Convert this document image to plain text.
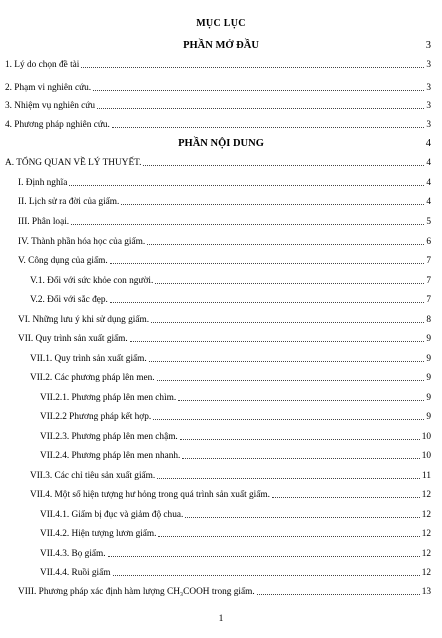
MỤC LỤC
PHẦN MỞ ĐẦU	3
1. Lý do chọn đề tài	3
2. Phạm vi nghiên cứu.	3
3. Nhiệm vụ nghiên cứu	3
4. Phương pháp nghiên cứu.	3
PHẦN NỘI DUNG	4
A. TỔNG QUAN VỀ LÝ THUYẾT.	4
I. Định nghĩa	4
II. Lịch sử ra đời của giấm.	4
III. Phân loại.	5
IV. Thành phần hóa học của giấm.	6
V. Công dụng của giấm.	7
V.1. Đối với sức khỏe con người.	7
V.2. Đối với sắc đẹp.	7
VI. Những lưu ý khi sử dụng giấm.	8
VII. Quy trình sản xuất giấm.	9
VII.1. Quy trình sản xuất giấm.	9
VII.2. Các phương pháp lên men.	9
VII.2.1. Phương pháp lên men chìm.	9
VII.2.2 Phương pháp kết hợp.	9
VII.2.3. Phương pháp lên men chậm.	10
VII.2.4. Phương pháp lên men nhanh.	10
VII.3. Các chỉ tiêu sản xuất giấm.	11
VII.4. Một số hiện tượng hư hỏng trong quá trình sản xuất giấm.	12
VII.4.1. Giấm bị đục và giảm độ chua.	12
VII.4.2. Hiện tượng lươn giấm.	12
VII.4.3. Bọ giấm.	12
VII.4.4. Ruồi giấm	12
VIII. Phương pháp xác định hàm lượng CH₃COOH trong giấm.	13
1
